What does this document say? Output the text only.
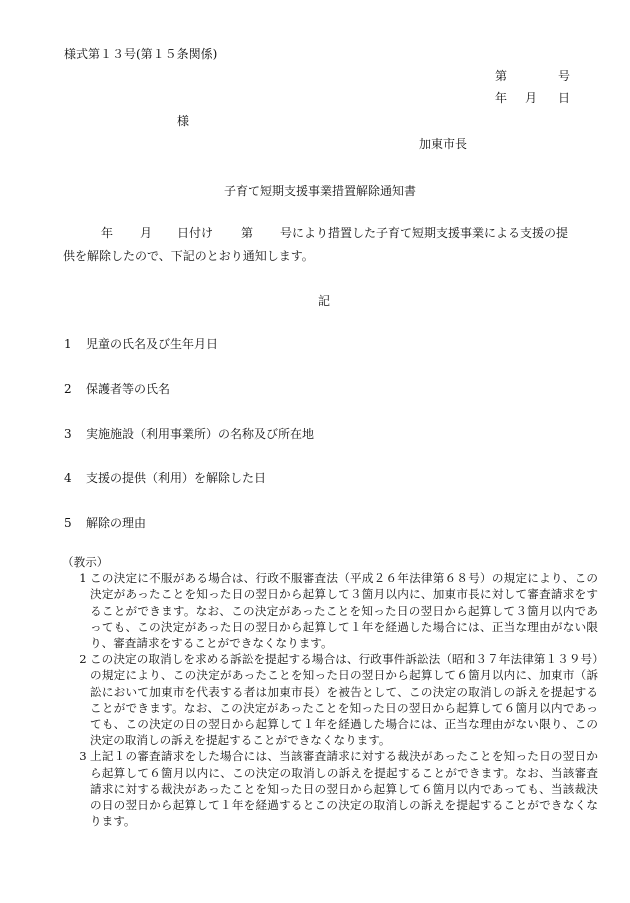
様式第１３号(第１５条関係)
第	号
年 月 日
様
加東市長
子育て短期支援事業措置解除通知書
年 月 日付け 第 号により措置した子育て短期支援事業による支援の提
供を解除したので、下記のとおり通知します。
記
1 児童の氏名及び生年月日
2 保護者等の氏名
3 実施施設（利用事業所）の名称及び所在地
4 支援の提供（利用）を解除した日
5 解除の理由
（教示）
1 この決定に不服がある場合は、行政不服審査法（平成２６年法律第６８号）の規定により、この決定があったことを知った日の翌日から起算して３箇月以内に、加東市長に対して審査請求をすることができます。なお、この決定があったことを知った日の翌日から起算して３箇月以内であっても、この決定があった日の翌日から起算して１年を経過した場合には、正当な理由がない限り、審査請求をすることができなくなります。
2 この決定の取消しを求める訴訟を提起する場合は、行政事件訴訟法（昭和３７年法律第１３９号）の規定により、この決定があったことを知った日の翌日から起算して６箇月以内に、加東市（訴訟において加東市を代表する者は加東市長）を被告として、この決定の取消しの訴えを提起することができます。なお、この決定があったことを知った日の翌日から起算して６箇月以内であっても、この決定の日の翌日から起算して１年を経過した場合には、正当な理由がない限り、この決定の取消しの訴えを提起することができなくなります。
3 上記１の審査請求をした場合には、当該審査請求に対する裁決があったことを知った日の翌日から起算して６箇月以内に、この決定の取消しの訴えを提起することができます。なお、当該審査請求に対する裁決があったことを知った日の翌日から起算して６箇月以内であっても、当該裁決の日の翌日から起算して１年を経過するとこの決定の取消しの訴えを提起することができなくなります。
